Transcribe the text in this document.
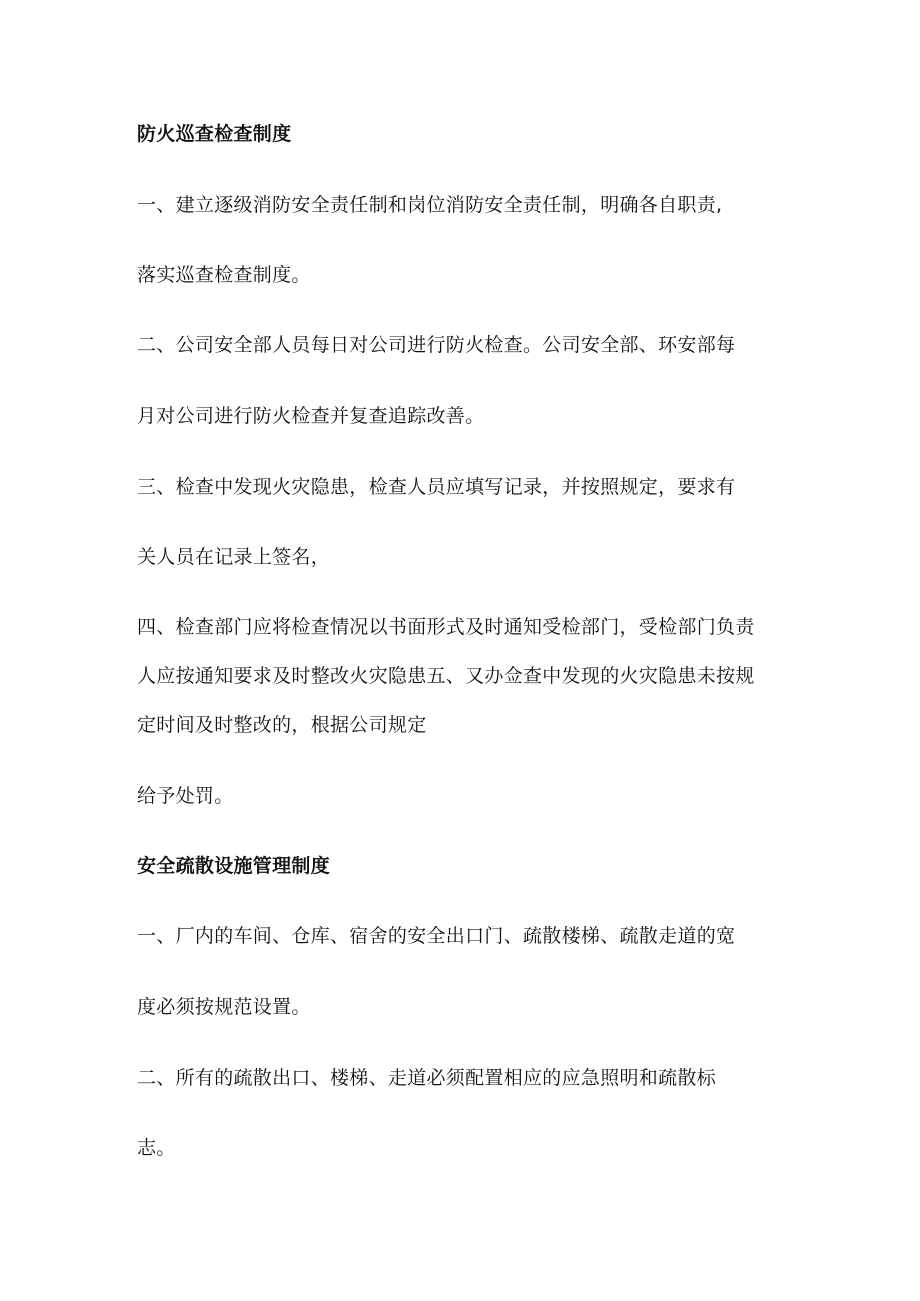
防火巡查检查制度
一、建立逐级消防安全责任制和岗位消防安全责任制，明确各自职责,
落实巡查检查制度。
二、公司安全部人员每日对公司进行防火检查。公司安全部、环安部每
月对公司进行防火检查并复查追踪改善。
三、检查中发现火灾隐患，检查人员应填写记录，并按照规定，要求有
关人员在记录上签名，
四、检查部门应将检查情况以书面形式及时通知受检部门，受检部门负责
人应按通知要求及时整改火灾隐患五、又办佥查中发现的火灾隐患未按规
定时间及时整改的，根据公司规定
给予处罚。
安全疏散设施管理制度
一、厂内的车间、仓库、宿舍的安全出口门、疏散楼梯、疏散走道的宽
度必须按规范设置。
二、所有的疏散出口、楼梯、走道必须配置相应的应急照明和疏散标
志。
